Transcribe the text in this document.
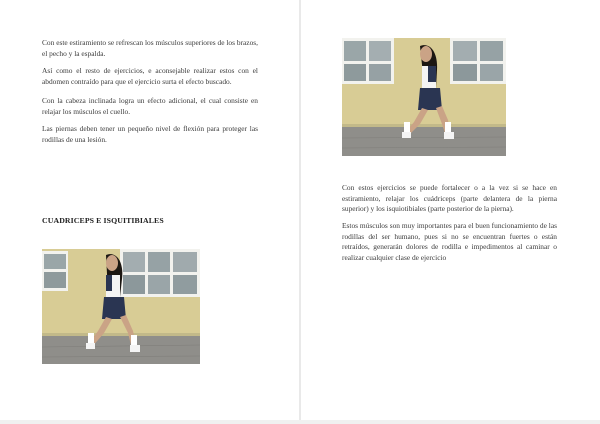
Con este estiramiento se refrescan los músculos superiores de los brazos, el pecho y la espalda.

Así como el resto de ejercicios, e aconsejable realizar estos con el abdomen contraído para que el ejercicio surta el efecto buscado.

Con la cabeza inclinada logra un efecto adicional, el cual consiste en relajar los músculos el cuello.

Las piernas deben tener un pequeño nivel de flexión para proteger las rodillas de una lesión.

CUADRICEPS E ISQUITIBIALES

Con estos ejercicios se puede fortalecer o a la vez si se hace en estiramiento, relajar los cuádriceps (parte delantera de la pierna superior) y los isquiotibiales (parte posterior de la pierna).

Estos músculos son muy importantes para el buen funcionamiento de las rodillas del ser humano, pues si no se encuentran fuertes o están retraídos, generarán dolores de rodilla e impedimentos al caminar o realizar cualquier clase de ejercicio
